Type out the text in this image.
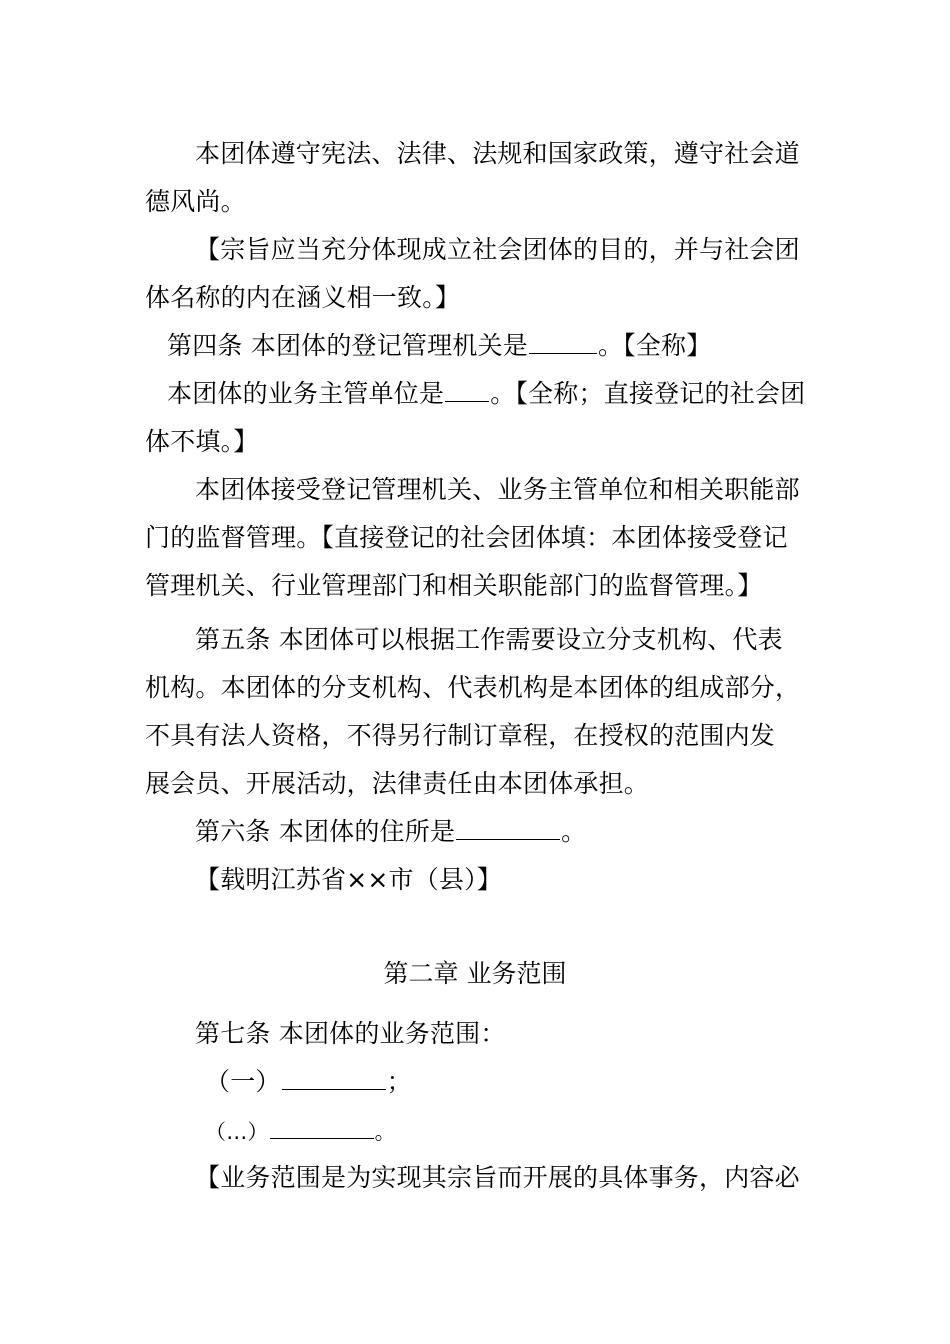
本团体遵守宪法、法律、法规和国家政策，遵守社会道
德风尚。
【宗旨应当充分体现成立社会团体的目的，并与社会团
体名称的内在涵义相一致。】
第四条 本团体的登记管理机关是	。【全称】
本团体的业务主管单位是 。【全称；直接登记的社会团
体不填。】
本团体接受登记管理机关、业务主管单位和相关职能部
门的监督管理。【直接登记的社会团体填：本团体接受登记
管理机关、行业管理部门和相关职能部门的监督管理。】
第五条 本团体可以根据工作需要设立分支机构、代表
机构。本团体的分支机构、代表机构是本团体的组成部分，
不具有法人资格，不得另行制订章程，在授权的范围内发
展会员、开展活动，法律责任由本团体承担。
第六条 本团体的住所是	。
【载明江苏省××市（县）】
第二章 业务范围
第七条 本团体的业务范围：
（一）	；
（…）	。
【业务范围是为实现其宗旨而开展的具体事务，内容必
